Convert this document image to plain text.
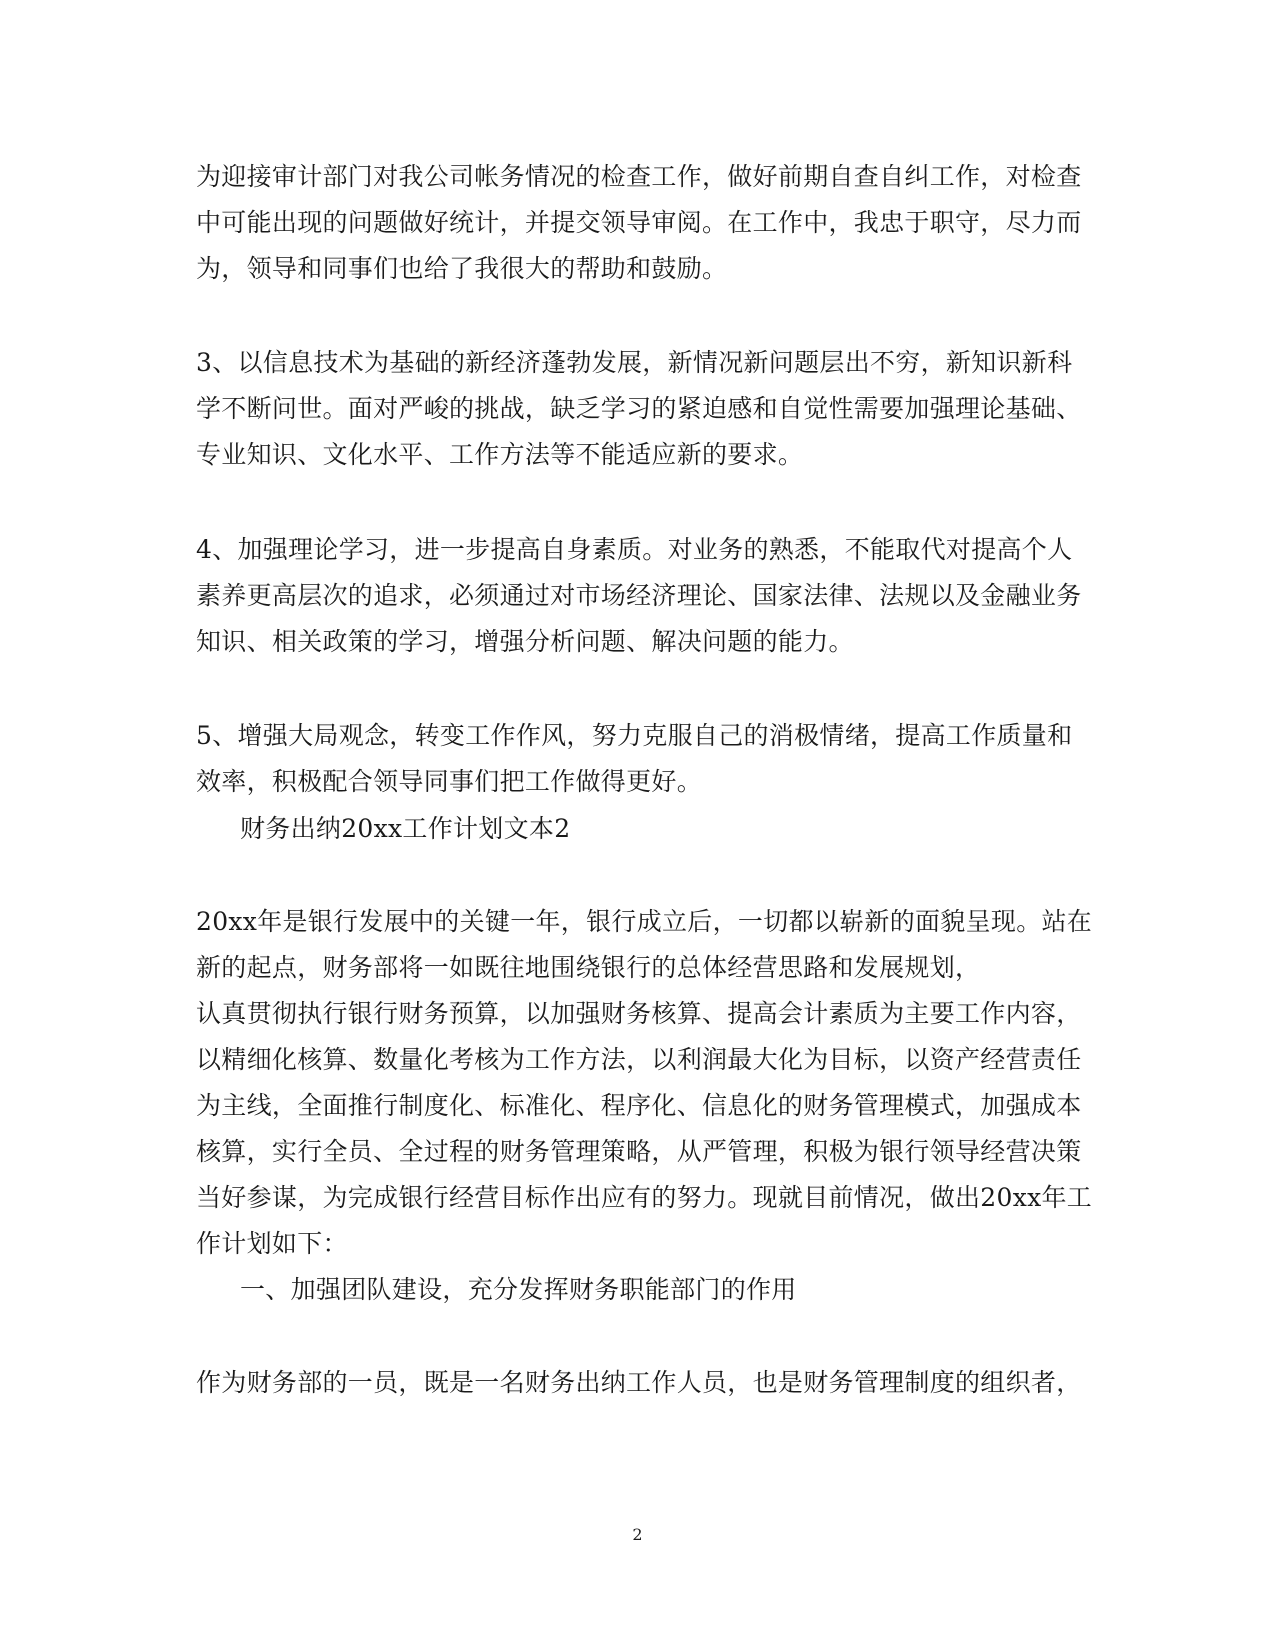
为迎接审计部门对我公司帐务情况的检查工作，做好前期自查自纠工作，对检查
中可能出现的问题做好统计，并提交领导审阅。在工作中，我忠于职守，尽力而
为，领导和同事们也给了我很大的帮助和鼓励。
3、以信息技术为基础的新经济蓬勃发展，新情况新问题层出不穷，新知识新科
学不断问世。面对严峻的挑战，缺乏学习的紧迫感和自觉性需要加强理论基础、
专业知识、文化水平、工作方法等不能适应新的要求。
4、加强理论学习，进一步提高自身素质。对业务的熟悉，不能取代对提高个人
素养更高层次的追求，必须通过对市场经济理论、国家法律、法规以及金融业务
知识、相关政策的学习，增强分析问题、解决问题的能力。
5、增强大局观念，转变工作作风，努力克服自己的消极情绪，提高工作质量和
效率，积极配合领导同事们把工作做得更好。
财务出纳20xx工作计划文本2
20xx年是银行发展中的关键一年，银行成立后，一切都以崭新的面貌呈现。站在
新的起点，财务部将一如既往地围绕银行的总体经营思路和发展规划，
认真贯彻执行银行财务预算，以加强财务核算、提高会计素质为主要工作内容，
以精细化核算、数量化考核为工作方法，以利润最大化为目标，以资产经营责任
为主线，全面推行制度化、标准化、程序化、信息化的财务管理模式，加强成本
核算，实行全员、全过程的财务管理策略，从严管理，积极为银行领导经营决策
当好参谋，为完成银行经营目标作出应有的努力。现就目前情况，做出20xx年工
作计划如下：
一、加强团队建设，充分发挥财务职能部门的作用
作为财务部的一员，既是一名财务出纳工作人员，也是财务管理制度的组织者，
2
